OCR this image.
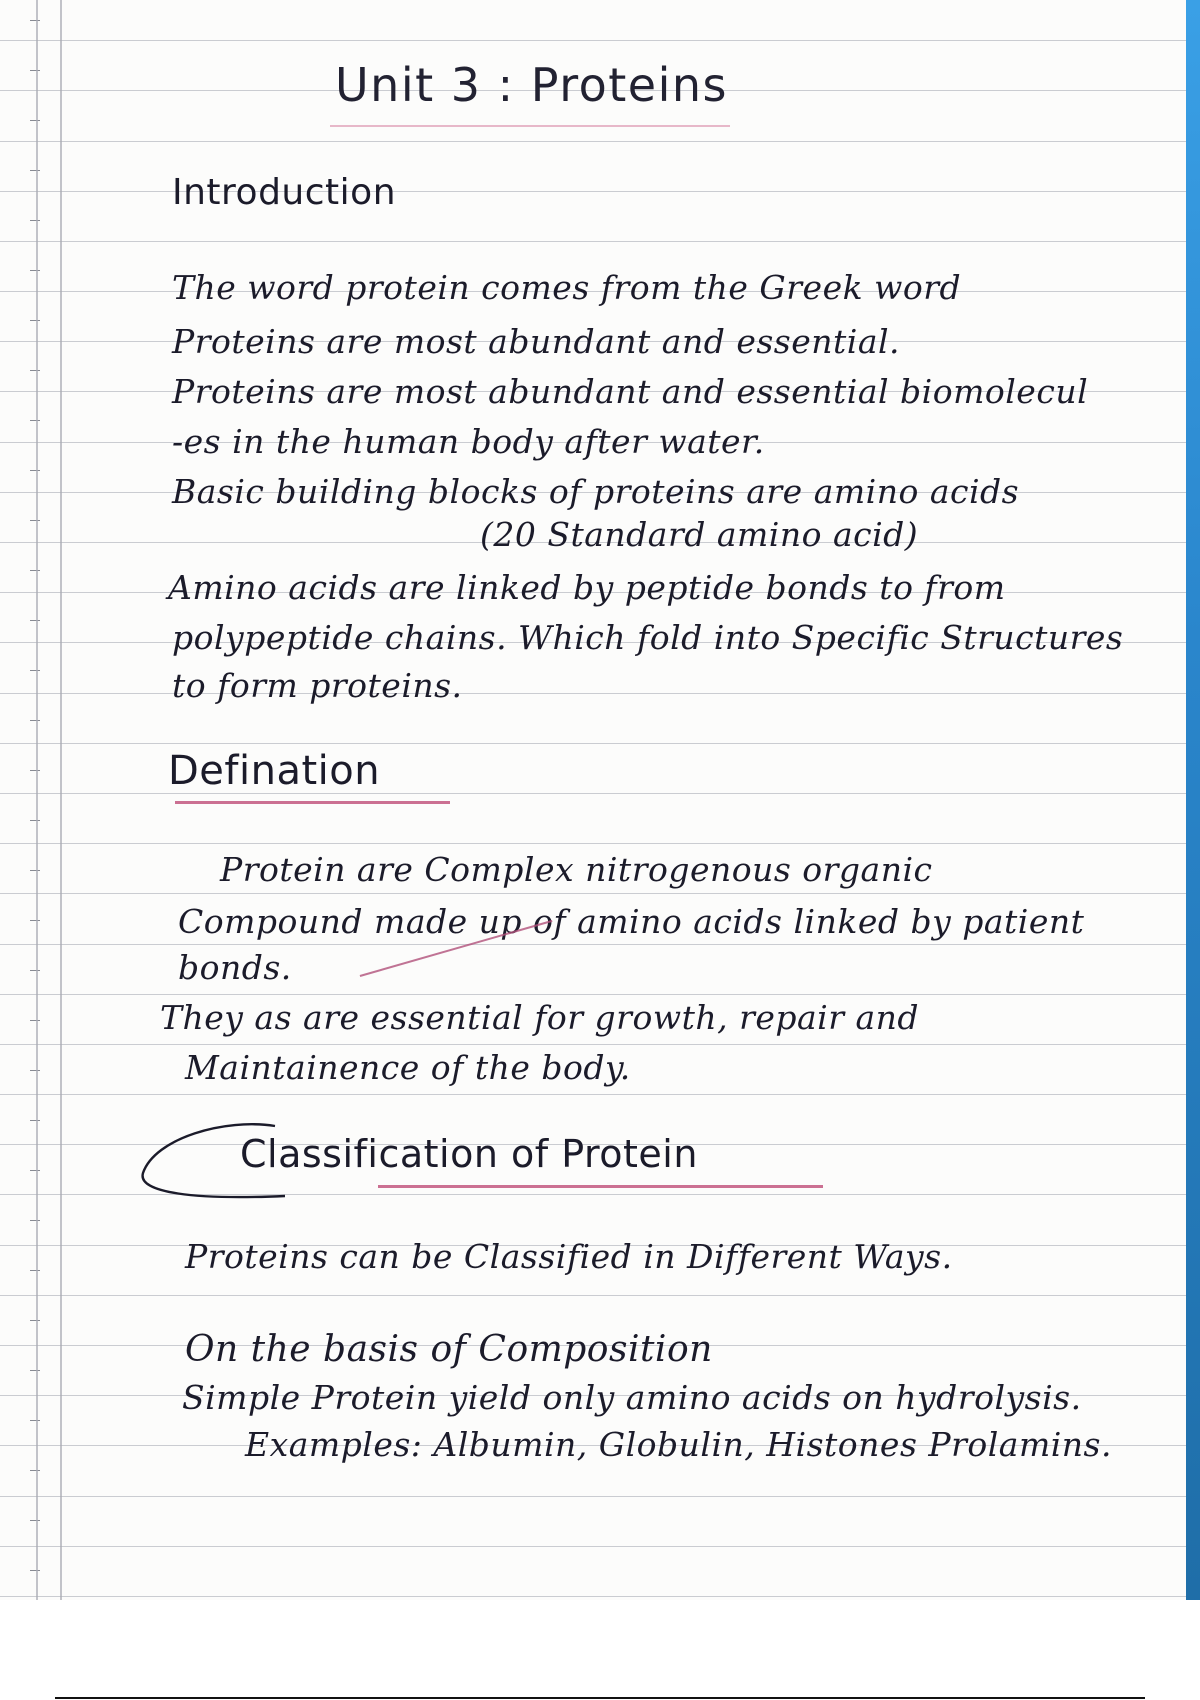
Unit 3 : Proteins
Introduction
The word protein comes from the Greek word
Proteins are most abundant and essential.
Proteins are most abundant and essential biomolecul
-es in the human body after water.
Basic building blocks of proteins are amino acids
(20 Standard amino acid)
Amino acids are linked by peptide bonds to from
polypeptide chains. Which fold into Specific Structures
to form proteins.
Defination
Protein are Complex nitrogenous organic
Compound made up of amino acids linked by patient
bonds.
They as are essential for growth, repair and
Maintainence of the body.
Classification of Protein
Proteins can be Classified in Different Ways.
On the basis of Composition
Simple Protein yield only amino acids on hydrolysis.
Examples: Albumin, Globulin, Histones Prolamins.
